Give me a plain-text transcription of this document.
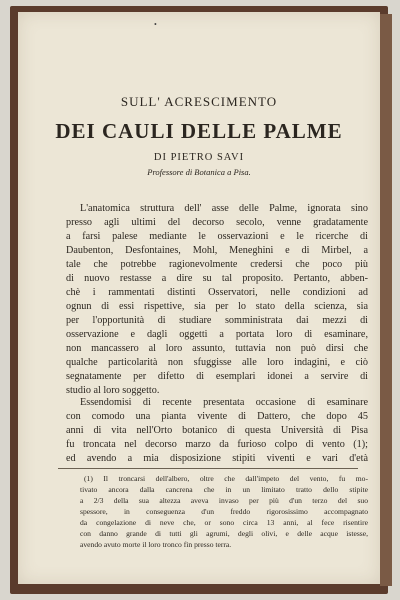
•
SULL' ACRESCIMENTO
DEI CAULI DELLE PALME
DI PIETRO SAVI
Professore di Botanica a Pisa.
L'anatomica struttura dell' asse delle Palme, ignorata sino
presso agli ultimi del decorso secolo, venne gradatamente
a farsi palese mediante le osservazioni e le ricerche di
Daubenton, Desfontaines, Mohl, Meneghini e di Mirbel, a
tale che potrebbe ragionevolmente credersi che poco più
di nuovo restasse a dire su tal proposito. Pertanto, abben-
chè i rammentati distinti Osservatori, nelle condizioni ad
ognun di essi rispettive, sia per lo stato della scienza, sia
per l'opportunità di studiare somministrata dai mezzi di
osservazione e dagli oggetti a portata loro di esaminare,
non mancassero al loro assunto, tuttavia non può dirsi che
qualche particolarità non sfuggisse alle loro indagini, e ciò
segnatamente per difetto di esemplari idonei a servire di
studio al loro soggetto.
Essendomisi di recente presentata occasione di esaminare
con comodo una pianta vivente di Dattero, che dopo 45
anni di vita nell'Orto botanico di questa Università di Pisa
fu troncata nel decorso marzo da furioso colpo di vento (1);
ed avendo a mia disposizione stipiti viventi e vari d'età
(1) Il troncarsi dell'albero, oltre che dall'impeto del vento, fu mo-
tivato ancora dalla cancrena che in un limitato tratto dello stipite
a 2/3 della sua altezza aveva invaso per più d'un terzo del suo
spessore, in conseguenza d'un freddo rigorosissimo accompagnato
da congelazione di neve che, or sono circa 13 anni, al fece risentire
con danno grande di tutti gli agrumi, degli olivi, e delle acque istesse,
avendo avuto morte il loro tronco fin presso terra.
